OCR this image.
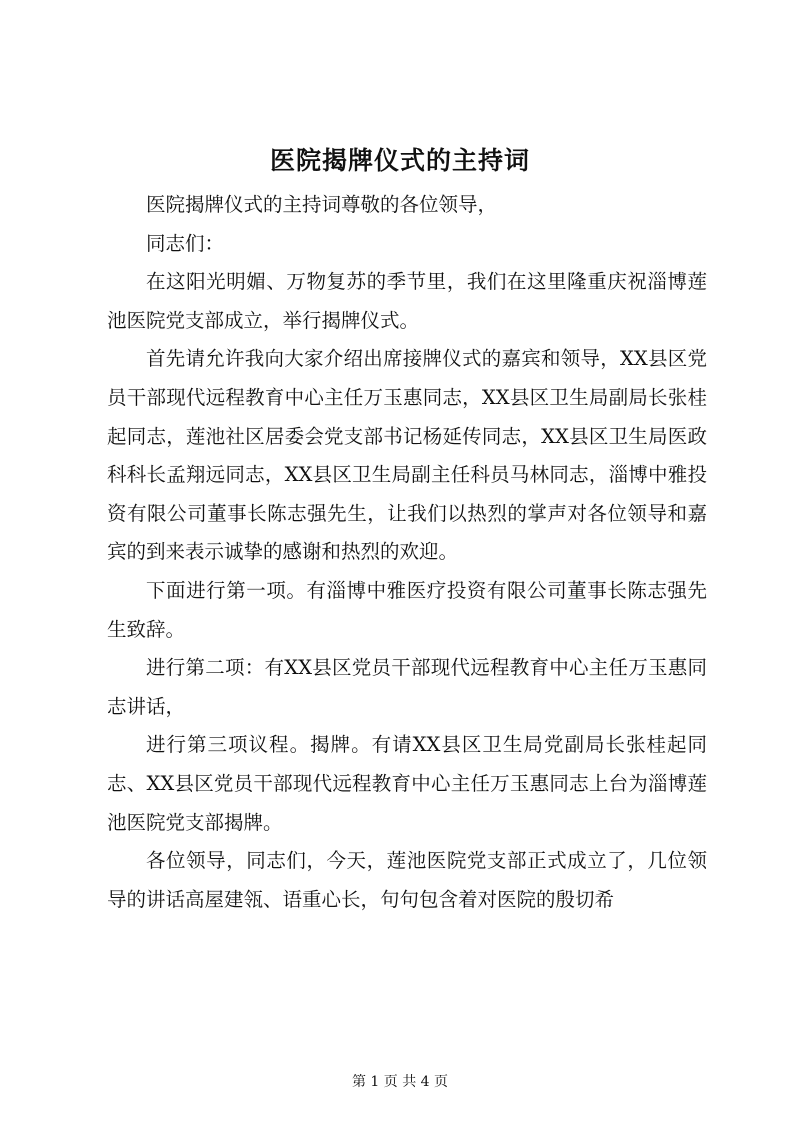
医院揭牌仪式的主持词

医院揭牌仪式的主持词尊敬的各位领导，

同志们：

在这阳光明媚、万物复苏的季节里，我们在这里隆重庆祝淄博莲池医院党支部成立，举行揭牌仪式。

首先请允许我向大家介绍出席接牌仪式的嘉宾和领导，XX县区党员干部现代远程教育中心主任万玉惠同志，XX县区卫生局副局长张桂起同志，莲池社区居委会党支部书记杨延传同志，XX县区卫生局医政科科长孟翔远同志，XX县区卫生局副主任科员马林同志，淄博中雅投资有限公司董事长陈志强先生，让我们以热烈的掌声对各位领导和嘉宾的到来表示诚挚的感谢和热烈的欢迎。

下面进行第一项。有淄博中雅医疗投资有限公司董事长陈志强先生致辞。

进行第二项：有XX县区党员干部现代远程教育中心主任万玉惠同志讲话，

进行第三项议程。揭牌。有请XX县区卫生局党副局长张桂起同志、XX县区党员干部现代远程教育中心主任万玉惠同志上台为淄博莲池医院党支部揭牌。

各位领导，同志们，今天，莲池医院党支部正式成立了，几位领导的讲话高屋建瓴、语重心长，句句包含着对医院的殷切希

第 1 页 共 4 页
